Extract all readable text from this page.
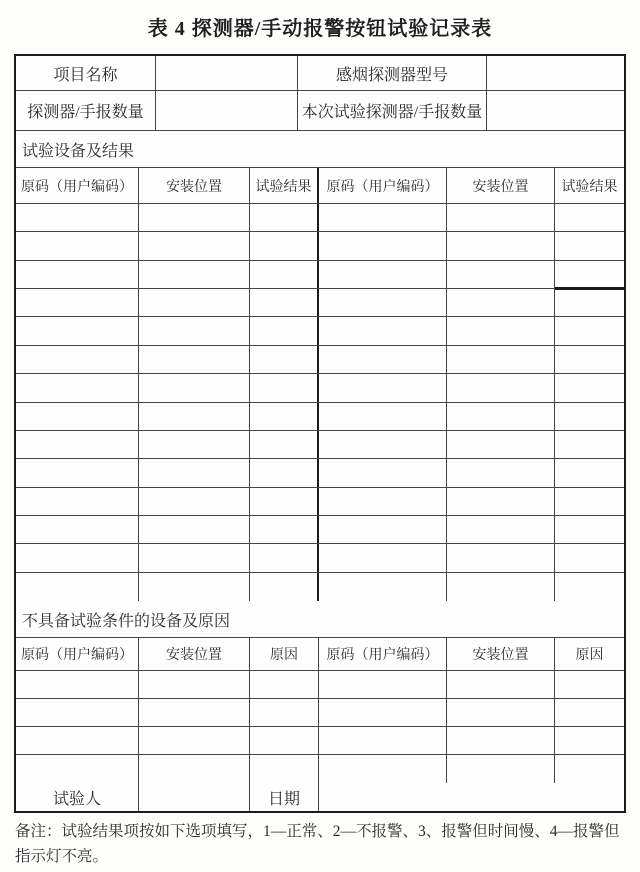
表 4 探测器/手动报警按钮试验记录表
项目名称	感烟探测器型号
探测器/手报数量	本次试验探测器/手报数量
试验设备及结果
原码（用户编码）	安装位置	试验结果	原码（用户编码）	安装位置	试验结果
不具备试验条件的设备及原因
原码（用户编码）	安装位置	原因	原码（用户编码）	安装位置	原因
试验人	日期
备注：试验结果项按如下选项填写，1—正常、2—不报警、3、报警但时间慢、4—报警但指示灯不亮。
